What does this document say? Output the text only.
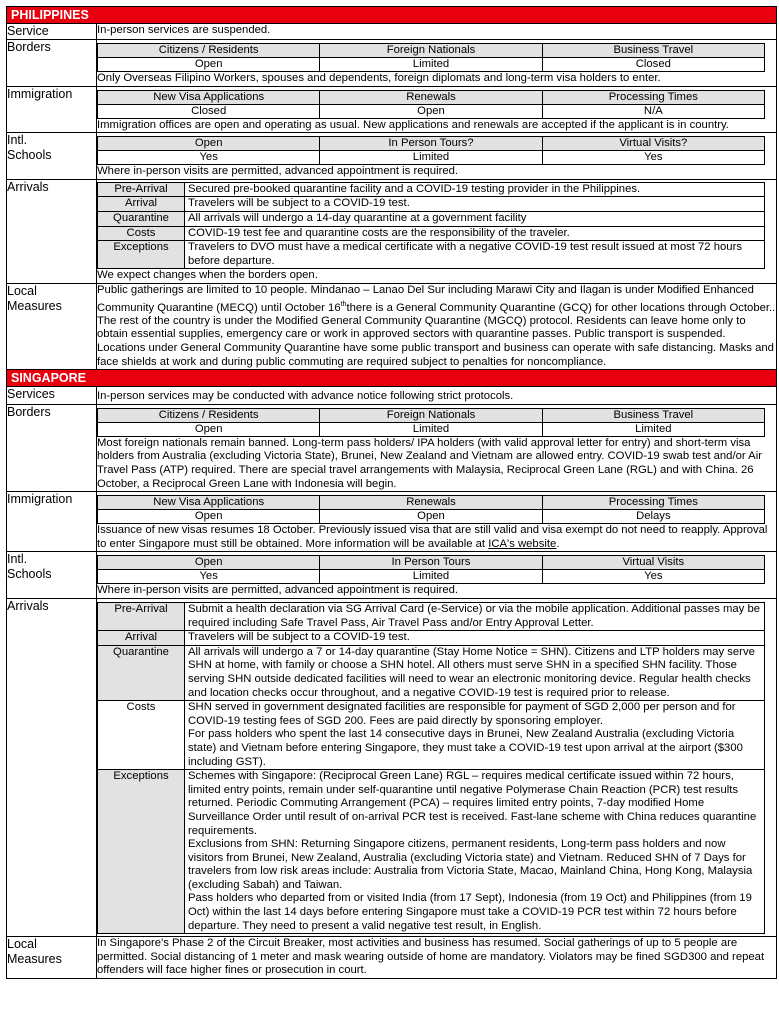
PHILIPPINES
Service	In-person services are suspended.
Borders		Citizens / Residents	Foreign Nationals	Business Travel
Open	Limited	Closed
Only Overseas Filipino Workers, spouses and dependents, foreign diplomats and long-term visa holders to enter.

Immigration		New Visa Applications	Renewals	Processing Times
Closed	Open	N/A
Immigration offices are open and operating as usual. New applications and renewals are accepted if the applicant is in country.

Intl.
Schools

Open	In Person Tours?	Virtual Visits?
Yes	Limited	Yes
Where in-person visits are permitted, advanced appointment is required.

Arrivals		Pre-Arrival	Secured pre-booked quarantine facility and a COVID-19 testing provider in the Philippines.
Arrival	Travelers will be subject to a COVID-19 test.
Quarantine	All arrivals will undergo a 14-day quarantine at a government facility
Costs	COVID-19 test fee and quarantine costs are the responsibility of the traveler.
Exceptions	Travelers to DVO must have a medical certificate with a negative COVID-19 test result issued at most 72 hours before departure.
We expect changes when the borders open.

Local
Measures
	Public gatherings are limited to 10 people. Mindanao – Lanao Del Sur including Marawi City and Ilagan is under Modified Enhanced Community Quarantine (MECQ) until October 16ththere is a General Community Quarantine (GCQ) for other locations through October.. The rest of the country is under the Modified General Community Quarantine (MGCQ) protocol. Residents can leave home only to obtain essential supplies, emergency care or work in approved sectors with quarantine passes. Public transport is suspended. Locations under General Community Quarantine have some public transport and business can operate with safe distancing. Masks and face shields at work and during public commuting are required subject to penalties for noncompliance.
SINGAPORE
Services	In-person services may be conducted with advance notice following strict protocols.
Borders		Citizens / Residents	Foreign Nationals	Business Travel
Open	Limited	Limited
Most foreign nationals remain banned. Long-term pass holders/ IPA holders (with valid approval letter for entry) and short-term visa holders from Australia (excluding Victoria State), Brunei, New Zealand and Vietnam are allowed entry. COVID-19 swab test and/or Air Travel Pass (ATP) required. There are special travel arrangements with Malaysia, Reciprocal Green Lane (RGL) and with China. 26 October, a Reciprocal Green Lane with Indonesia will begin.

Immigration		New Visa Applications	Renewals	Processing Times
Open	Open	Delays
Issuance of new visas resumes 18 October. Previously issued visa that are still valid and visa exempt do not need to reapply. Approval to enter Singapore must still be obtained. More information will be available at ICA's website.

Intl.
Schools

Open	In Person Tours	Virtual Visits
Yes	Limited	Yes
Where in-person visits are permitted, advanced appointment is required.

Arrivals		Pre-Arrival	Submit a health declaration via SG Arrival Card (e-Service) or via the mobile application. Additional passes may be required including Safe Travel Pass, Air Travel Pass and/or Entry Approval Letter.
Arrival	Travelers will be subject to a COVID-19 test.
Quarantine	All arrivals will undergo a 7 or 14-day quarantine (Stay Home Notice = SHN). Citizens and LTP holders may serve SHN at home, with family or choose a SHN hotel. All others must serve SHN in a specified SHN facility. Those serving SHN outside dedicated facilities will need to wear an electronic monitoring device. Regular health checks and location checks occur throughout, and a negative COVID-19 test is required prior to release.
Costs	SHN served in government designated facilities are responsible for payment of SGD 2,000 per person and for COVID-19 testing fees of SGD 200. Fees are paid directly by sponsoring employer.

For pass holders who spent the last 14 consecutive days in Brunei, New Zealand Australia (excluding Victoria state) and Vietnam before entering Singapore, they must take a COVID-19 test upon arrival at the airport ($300 including GST).

Exceptions	Schemes with Singapore: (Reciprocal Green Lane) RGL – requires medical certificate issued within 72 hours, limited entry points, remain under self-quarantine until negative Polymerase Chain Reaction (PCR) test results returned. Periodic Commuting Arrangement (PCA) – requires limited entry points, 7-day modified Home Surveillance Order until result of on-arrival PCR test is received. Fast-lane scheme with China reduces quarantine requirements.

Exclusions from SHN: Returning Singapore citizens, permanent residents, Long-term pass holders and now visitors from Brunei, New Zealand, Australia (excluding Victoria state) and Vietnam. Reduced SHN of 7 Days for travelers from low risk areas include: Australia from Victoria State, Macao, Mainland China, Hong Kong, Malaysia (excluding Sabah) and Taiwan.

Pass holders who departed from or visited India (from 17 Sept), Indonesia (from 19 Oct) and Philippines (from 19 Oct) within the last 14 days before entering Singapore must take a COVID-19 PCR test within 72 hours before departure. They need to present a valid negative test result, in English.

Local
Measures
	In Singapore's Phase 2 of the Circuit Breaker, most activities and business has resumed. Social gatherings of up to 5 people are permitted. Social distancing of 1 meter and mask wearing outside of home are mandatory. Violators may be fined SGD300 and repeat offenders will face higher fines or prosecution in court.
